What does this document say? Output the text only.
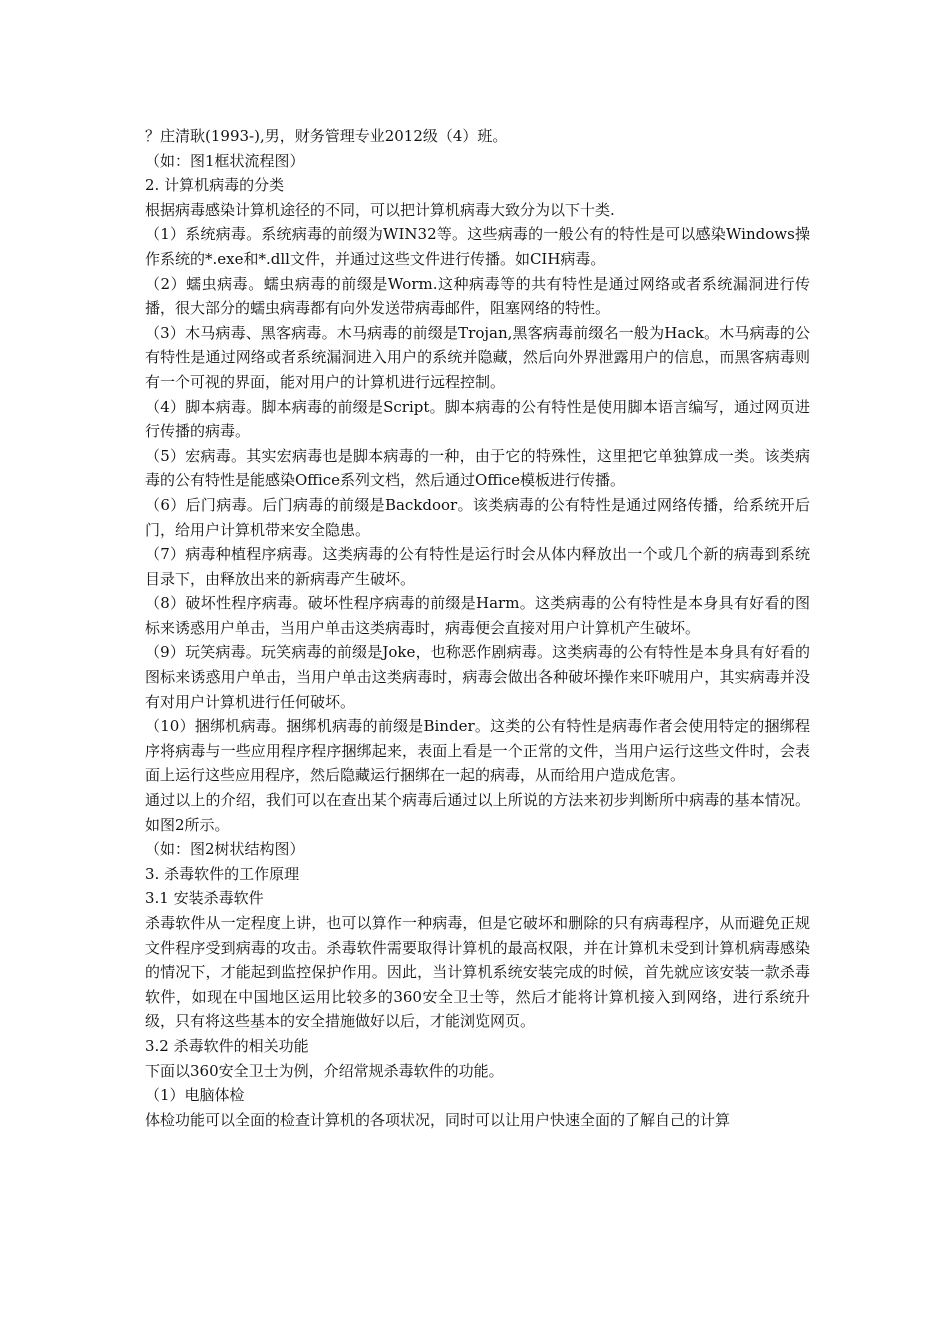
？庄清耿(1993-),男，财务管理专业2012级（4）班。

（如：图1框状流程图）

2. 计算机病毒的分类

根据病毒感染计算机途径的不同，可以把计算机病毒大致分为以下十类.

（1）系统病毒。系统病毒的前缀为WIN32等。这些病毒的一般公有的特性是可以感染Windows操作系统的*.exe和*.dll文件，并通过这些文件进行传播。如CIH病毒。

（2）蠕虫病毒。蠕虫病毒的前缀是Worm.这种病毒等的共有特性是通过网络或者系统漏洞进行传播，很大部分的蠕虫病毒都有向外发送带病毒邮件，阻塞网络的特性。

（3）木马病毒、黑客病毒。木马病毒的前缀是Trojan,黑客病毒前缀名一般为Hack。木马病毒的公有特性是通过网络或者系统漏洞进入用户的系统并隐藏，然后向外界泄露用户的信息，而黑客病毒则有一个可视的界面，能对用户的计算机进行远程控制。

（4）脚本病毒。脚本病毒的前缀是Script。脚本病毒的公有特性是使用脚本语言编写，通过网页进行传播的病毒。

（5）宏病毒。其实宏病毒也是脚本病毒的一种，由于它的特殊性，这里把它单独算成一类。该类病毒的公有特性是能感染Office系列文档，然后通过Office模板进行传播。

（6）后门病毒。后门病毒的前缀是Backdoor。该类病毒的公有特性是通过网络传播，给系统开后门，给用户计算机带来安全隐患。

（7）病毒种植程序病毒。这类病毒的公有特性是运行时会从体内释放出一个或几个新的病毒到系统目录下，由释放出来的新病毒产生破坏。

（8）破坏性程序病毒。破坏性程序病毒的前缀是Harm。这类病毒的公有特性是本身具有好看的图标来诱惑用户单击，当用户单击这类病毒时，病毒便会直接对用户计算机产生破坏。

（9）玩笑病毒。玩笑病毒的前缀是Joke，也称恶作剧病毒。这类病毒的公有特性是本身具有好看的图标来诱惑用户单击，当用户单击这类病毒时，病毒会做出各种破坏操作来吓唬用户，其实病毒并没有对用户计算机进行任何破坏。

（10）捆绑机病毒。捆绑机病毒的前缀是Binder。这类的公有特性是病毒作者会使用特定的捆绑程序将病毒与一些应用程序程序捆绑起来，表面上看是一个正常的文件，当用户运行这些文件时，会表面上运行这些应用程序，然后隐藏运行捆绑在一起的病毒，从而给用户造成危害。

通过以上的介绍，我们可以在查出某个病毒后通过以上所说的方法来初步判断所中病毒的基本情况。如图2所示。

（如：图2树状结构图）

3. 杀毒软件的工作原理

3.1 安装杀毒软件

杀毒软件从一定程度上讲，也可以算作一种病毒，但是它破坏和删除的只有病毒程序，从而避免正规文件程序受到病毒的攻击。杀毒软件需要取得计算机的最高权限，并在计算机未受到计算机病毒感染的情况下，才能起到监控保护作用。因此，当计算机系统安装完成的时候，首先就应该安装一款杀毒软件，如现在中国地区运用比较多的360安全卫士等，然后才能将计算机接入到网络，进行系统升级，只有将这些基本的安全措施做好以后，才能浏览网页。

3.2 杀毒软件的相关功能

下面以360安全卫士为例，介绍常规杀毒软件的功能。

（1）电脑体检

体检功能可以全面的检查计算机的各项状况，同时可以让用户快速全面的了解自己的计算
